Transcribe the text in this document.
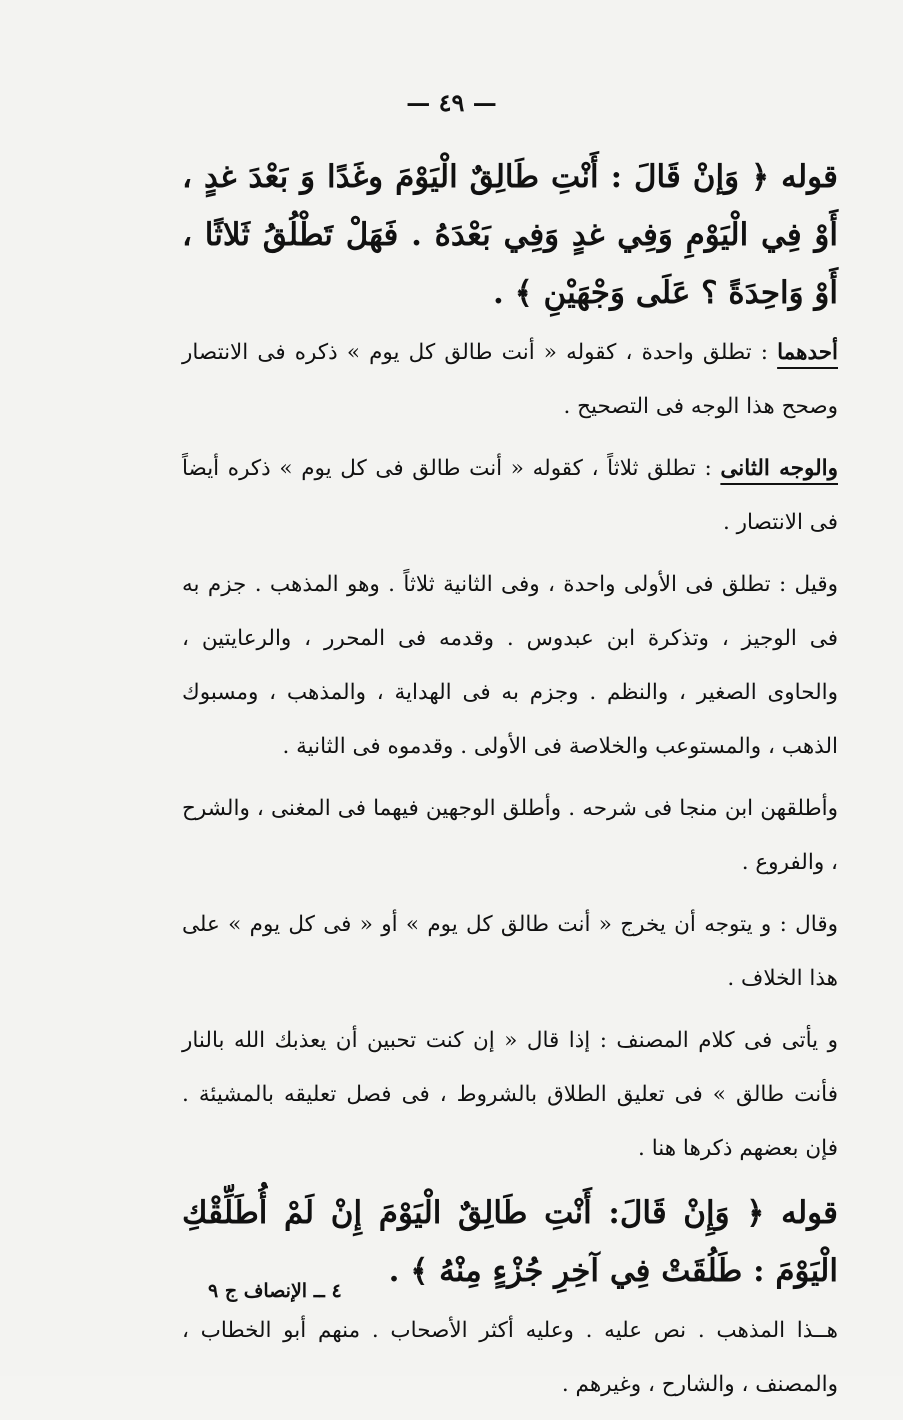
— ٤٩ —

قوله ﴿ وَإنْ قَالَ : أَنْتِ طَالِقٌ الْيَوْمَ وغَدًا وَ بَعْدَ غدٍ ، أَوْ فِي الْيَوْمِ وَفِي غدٍ وَفِي بَعْدَهُ . فَهَلْ تَطْلُقُ ثَلاثًا ، أَوْ وَاحِدَةً ؟ عَلَى وَجْهَيْنِ ﴾ .

أحدهما : تطلق واحدة ، كقوله « أنت طالق كل يوم » ذكره فى الانتصار وصحح هذا الوجه فى التصحيح .

والوجه الثانى : تطلق ثلاثاً ، كقوله « أنت طالق فى كل يوم » ذكره أيضاً فى الانتصار .

وقيل : تطلق فى الأولى واحدة ، وفى الثانية ثلاثاً . وهو المذهب . جزم به فى الوجيز ، وتذكرة ابن عبدوس . وقدمه فى المحرر ، والرعايتين ، والحاوى الصغير ، والنظم . وجزم به فى الهداية ، والمذهب ، ومسبوك الذهب ، والمستوعب والخلاصة فى الأولى . وقدموه فى الثانية .

وأطلقهن ابن منجا فى شرحه . وأطلق الوجهين فيهما فى المغنى ، والشرح ، والفروع .

وقال : و يتوجه أن يخرج « أنت طالق كل يوم » أو « فى كل يوم » على هذا الخلاف .

و يأتى فى كلام المصنف : إذا قال « إن كنت تحبين أن يعذبك الله بالنار فأنت طالق » فى تعليق الطلاق بالشروط ، فى فصل تعليقه بالمشيئة . فإن بعضهم ذكرها هنا .

قوله ﴿ وَإِنْ قَالَ: أَنْتِ طَالِقٌ الْيَوْمَ إِنْ لَمْ أُطَلِّقْكِ الْيَوْمَ : طَلُقَتْ فِي آخِرِ جُزْءٍ مِنْهُ ﴾ .

هــذا المذهب . نص عليه . وعليه أكثر الأصحاب . منهم أبو الخطاب ، والمصنف ، والشارح ، وغيرهم .

٤ ــ الإنصاف ج ٩
